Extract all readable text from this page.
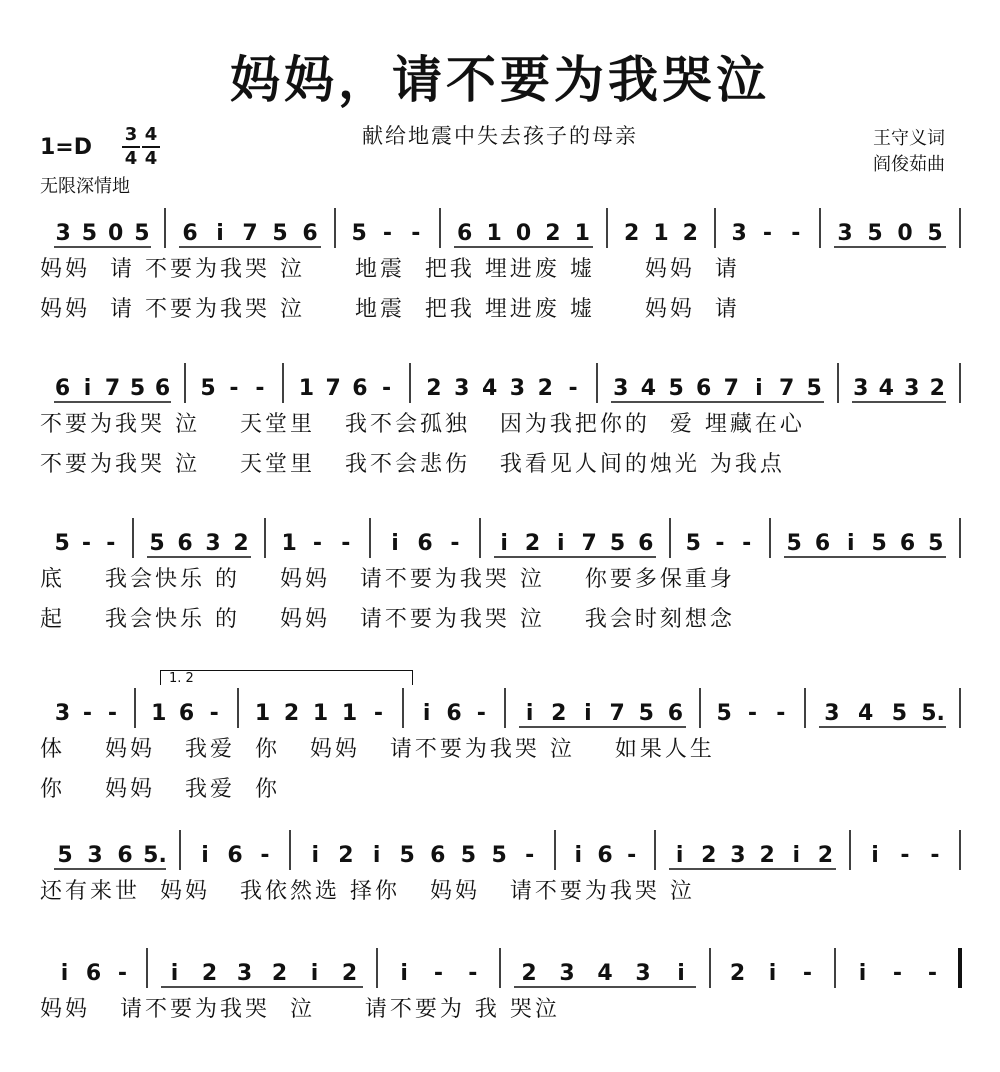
妈妈，请不要为我哭泣
$1=D \frac{3}{4} \frac{4}{4}$
无限深情地
献给地震中失去孩子的母亲	王守义词
阎俊茹曲
3 5 0 5 6 i 7 5 6 5 - - 6 1 0 2 1 2 1 2 3 - - 3 5 0 5
妈妈  请 不要为我哭 泣     地震  把我 埋进废 墟     妈妈  请
妈妈  请 不要为我哭 泣     地震  把我 埋进废 墟     妈妈  请
6 i 7 5 6 5 - - 1 7 6 - 2 3 4 3 2 - 3 4 5 6 7 i 7 5 3 4 3 2
不要为我哭 泣    天堂里   我不会孤独   因为我把你的  爱 埋藏在心
不要为我哭 泣    天堂里   我不会悲伤   我看见人间的烛光 为我点
5 - - 5 6 3 2 1 - - i 6 - i 2 i 7 5 6 5 - - 5 6 i 5 6 5
底    我会快乐 的    妈妈   请不要为我哭 泣    你要多保重身
起    我会快乐 的    妈妈   请不要为我哭 泣    我会时刻想念
3 - - 1 6 - 1 2 1 1 - i 6 - i 2 i 7 5 6 5 - - 3 4 5 5.
体    妈妈   我爱  你   妈妈   请不要为我哭 泣    如果人生
你    妈妈   我爱  你
1. 2
5 3 6 5. i 6 - i 2 i 5 6 5 5 - i 6 - i 2 3 2 i 2 i - -
还有来世  妈妈   我依然选 择你   妈妈   请不要为我哭 泣
i 6 - i 2 3 2 i 2 i - - 2 3 4 3 i 2 i - i - -
妈妈   请不要为我哭  泣     请不要为 我 哭泣
